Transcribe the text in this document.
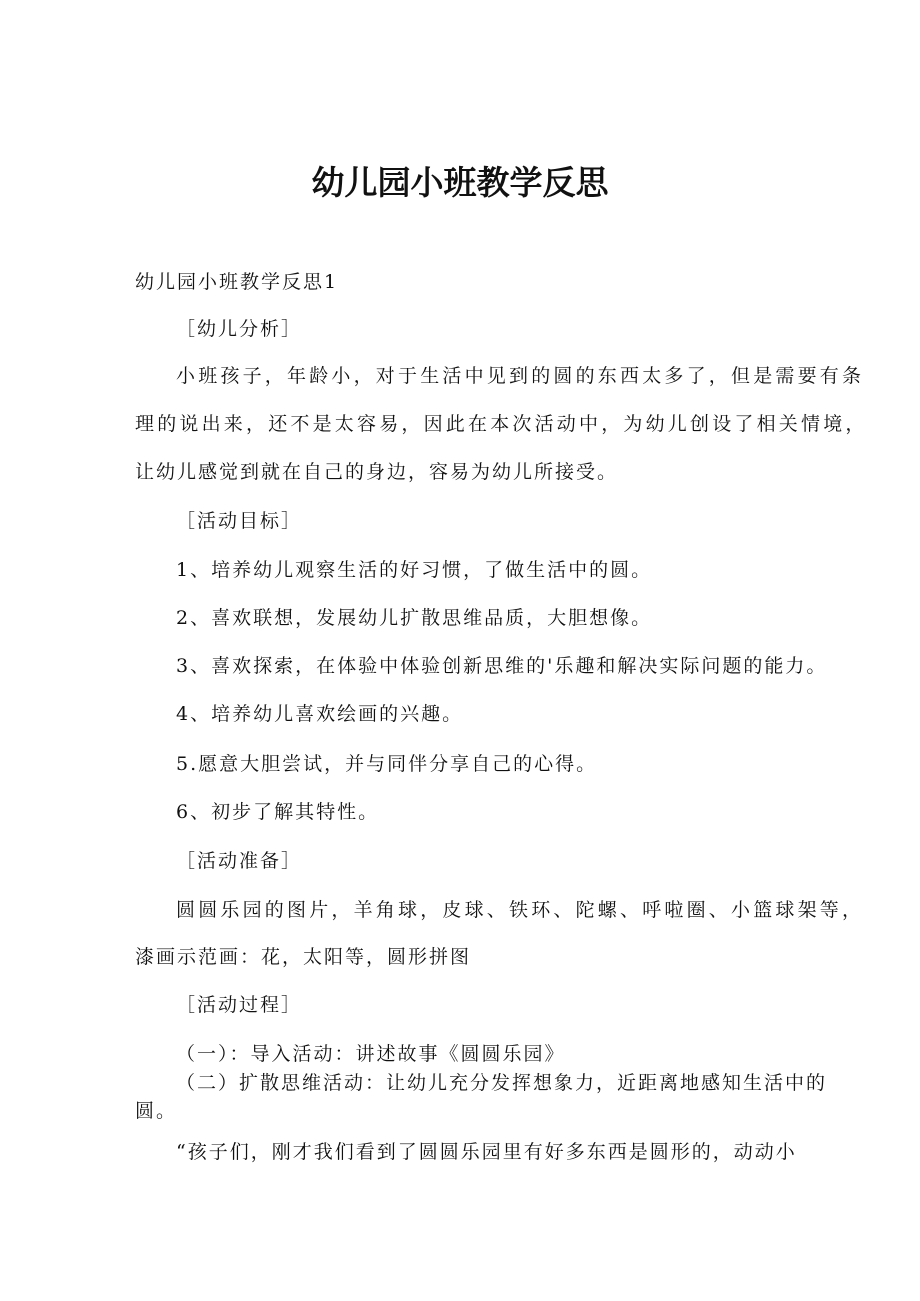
幼儿园小班教学反思
幼儿园小班教学反思1
［幼儿分析］
小班孩子，年龄小，对于生活中见到的圆的东西太多了，但是需要有条
理的说出来，还不是太容易，因此在本次活动中，为幼儿创设了相关情境，
让幼儿感觉到就在自己的身边，容易为幼儿所接受。
［活动目标］
1、培养幼儿观察生活的好习惯，了做生活中的圆。
2、喜欢联想，发展幼儿扩散思维品质，大胆想像。
3、喜欢探索，在体验中体验创新思维的'乐趣和解决实际问题的能力。
4、培养幼儿喜欢绘画的兴趣。
5.愿意大胆尝试，并与同伴分享自己的心得。
6、初步了解其特性。
［活动准备］
圆圆乐园的图片，羊角球，皮球、铁环、陀螺、呼啦圈、小篮球架等，
漆画示范画：花，太阳等，圆形拼图
［活动过程］
（一）：导入活动：讲述故事《圆圆乐园》
（二）扩散思维活动：让幼儿充分发挥想象力，近距离地感知生活中的
圆。
“孩子们，刚才我们看到了圆圆乐园里有好多东西是圆形的，动动小
